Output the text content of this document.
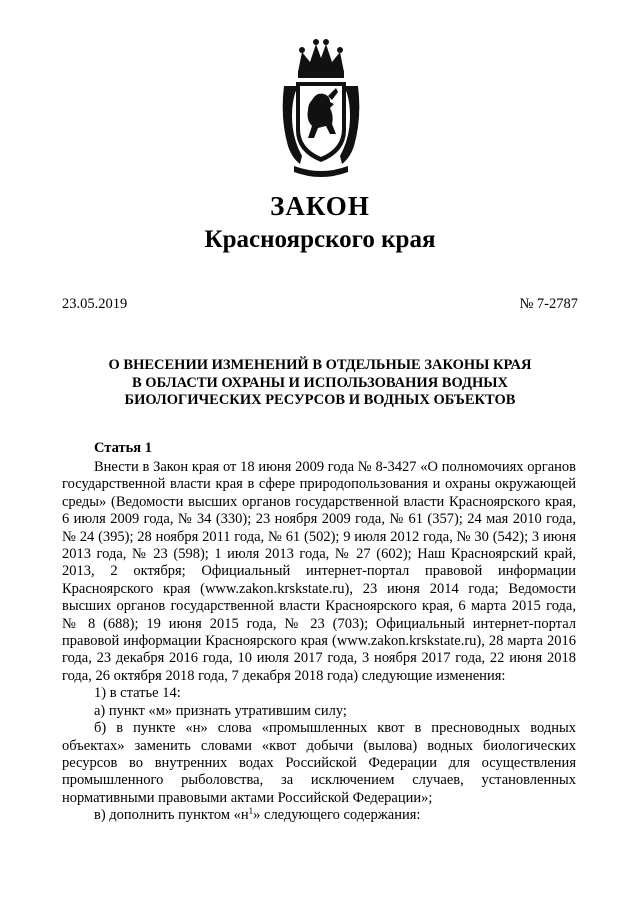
ЗАКОН
Красноярского края
23.05.2019	№ 7-2787
О ВНЕСЕНИИ ИЗМЕНЕНИЙ В ОТДЕЛЬНЫЕ ЗАКОНЫ КРАЯ
В ОБЛАСТИ ОХРАНЫ И ИСПОЛЬЗОВАНИЯ ВОДНЫХ
БИОЛОГИЧЕСКИХ РЕСУРСОВ И ВОДНЫХ ОБЪЕКТОВ
Статья 1

Внести в Закон края от 18 июня 2009 года № 8-3427 «О полномочиях органов государственной власти края в сфере природопользования и охраны окружающей среды» (Ведомости высших органов государственной власти Красноярского края, 6 июля 2009 года, № 34 (330); 23 ноября 2009 года, № 61 (357); 24 мая 2010 года, № 24 (395); 28 ноября 2011 года, № 61 (502); 9 июля 2012 года, № 30 (542); 3 июня 2013 года, № 23 (598); 1 июля 2013 года, № 27 (602); Наш Красноярский край, 2013, 2 октября; Официальный интернет-портал правовой информации Красноярского края (www.zakon.krskstate.ru), 23 июня 2014 года; Ведомости высших органов государственной власти Красноярского края, 6 марта 2015 года, № 8 (688); 19 июня 2015 года, № 23 (703); Официальный интернет-портал правовой информации Красноярского края (www.zakon.krskstate.ru), 28 марта 2016 года, 23 декабря 2016 года, 10 июля 2017 года, 3 ноября 2017 года, 22 июня 2018 года, 26 октября 2018 года, 7 декабря 2018 года) следующие изменения:

1) в статье 14:

а) пункт «м» признать утратившим силу;

б) в пункте «н» слова «промышленных квот в пресноводных водных объектах» заменить словами «квот добычи (вылова) водных биологических ресурсов во внутренних водах Российской Федерации для осуществления промышленного рыболовства, за исключением случаев, установленных нормативными правовыми актами Российской Федерации»;

в) дополнить пунктом «$н^1$» следующего содержания:
